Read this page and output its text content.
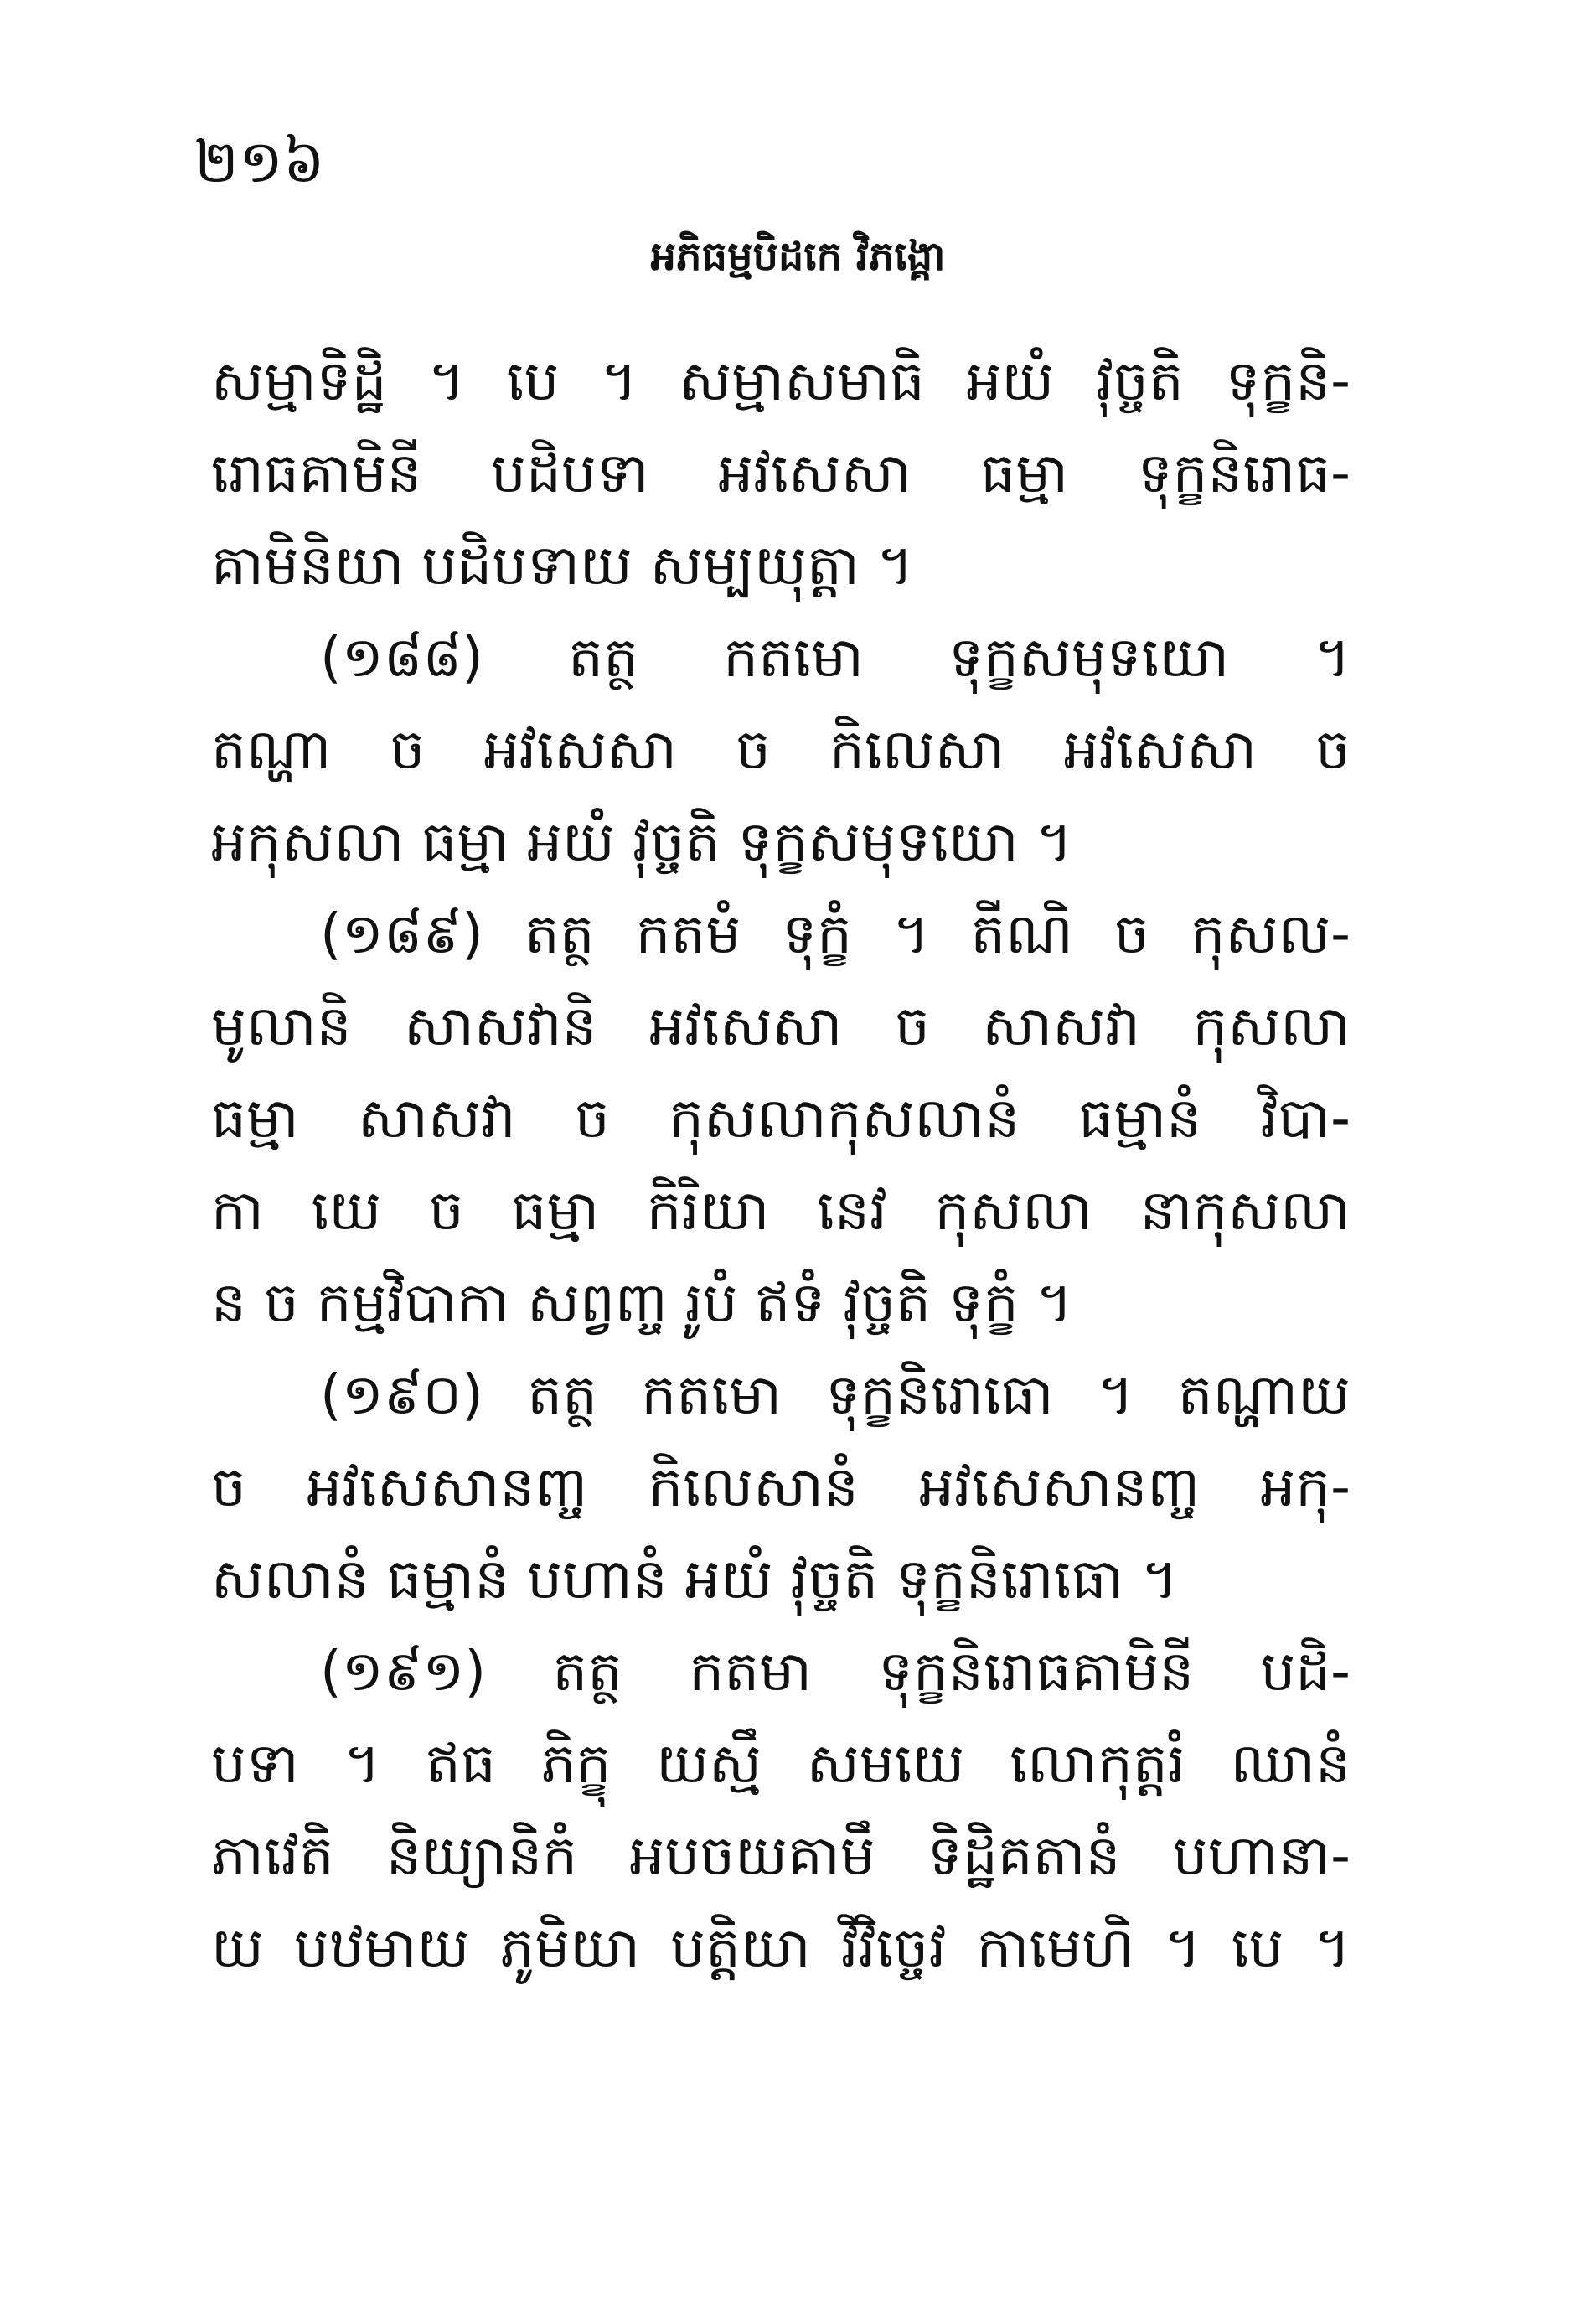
២១៦
អភិធម្មបិដកេ វិភង្គោ
សម្មាទិដ្ឋិ ។ បេ ។ សម្មាសមាធិ អយំ វុច្ចតិ ទុក្ខនិ-
រោធគាមិនី បដិបទា អវសេសា ធម្មា ទុក្ខនិរោធ-
គាមិនិយា បដិបទាយ សម្បយុត្តា ។
(១៨៨) តត្ថ កតមោ ទុក្ខសមុទយោ ។
តណ្ហា ច អវសេសា ច កិលេសា អវសេសា ច
អកុសលា ធម្មា អយំ វុច្ចតិ ទុក្ខសមុទយោ ។
(១៨៩) តត្ថ កតមំ ទុក្ខំ ។ តីណិ ច កុសល-
មូលានិ សាសវានិ អវសេសា ច សាសវា កុសលា
ធម្មា សាសវា ច កុសលាកុសលានំ ធម្មានំ វិបា-
កា យេ ច ធម្មា កិរិយា នេវ កុសលា នាកុសលា
ន ច កម្មវិបាកា សព្វញ្ច រូបំ ឥទំ វុច្ចតិ ទុក្ខំ ។
(១៩០) តត្ថ កតមោ ទុក្ខនិរោធោ ។ តណ្ហាយ
ច អវសេសានញ្ច កិលេសានំ អវសេសានញ្ច អកុ-
សលានំ ធម្មានំ បហានំ អយំ វុច្ចតិ ទុក្ខនិរោធោ ។
(១៩១) តត្ថ កតមា ទុក្ខនិរោធគាមិនី បដិ-
បទា ។ ឥធ ភិក្ខុ យស្មឹ សមយេ លោកុត្តរំ ឈានំ
ភាវេតិ និយ្យានិកំ អបចយគាមឹ ទិដ្ឋិគតានំ បហានា-
យ បឋមាយ ភូមិយា បត្តិយា វិវិច្ចេវ កាមេហិ ។ បេ ។
